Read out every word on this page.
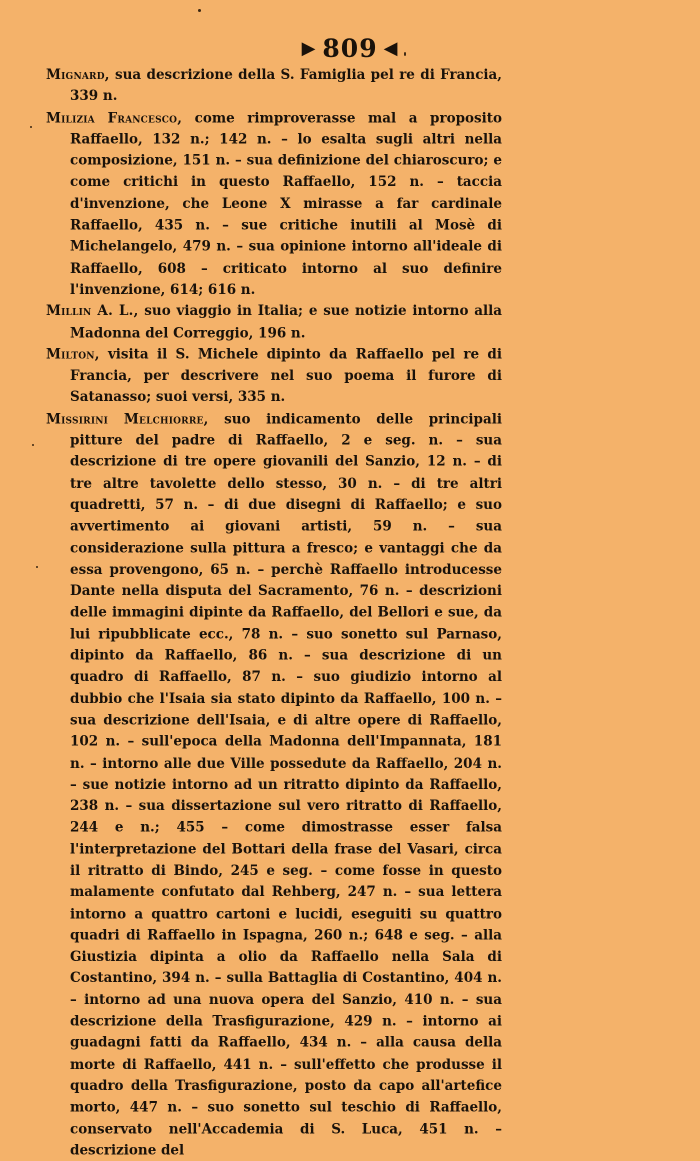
▶ 809 ◀

Mignard, sua descrizione della S. Famiglia pel re di Francia, 339 n.

Milizia Francesco, come rimproverasse mal a proposito Raffaello, 132 n.; 142 n. – lo esalta sugli altri nella composizione, 151 n. – sua definizione del chiaroscuro; e come critichi in questo Raffaello, 152 n. – taccia d'invenzione, che Leone X mirasse a far cardinale Raffaello, 435 n. – sue critiche inutili al Mosè di Michelangelo, 479 n. – sua opinione intorno all'ideale di Raffaello, 608 – criticato intorno al suo definire l'invenzione, 614; 616 n.

Millin A. L., suo viaggio in Italia; e sue notizie intorno alla Madonna del Correggio, 196 n.

Milton, visita il S. Michele dipinto da Raffaello pel re di Francia, per descrivere nel suo poema il furore di Satanasso; suoi versi, 335 n.

Missirini Melchiorre, suo indicamento delle principali pitture del padre di Raffaello, 2 e seg. n. – sua descrizione di tre opere giovanili del Sanzio, 12 n. – di tre altre tavolette dello stesso, 30 n. – di tre altri quadretti, 57 n. – di due disegni di Raffaello; e suo avvertimento ai giovani artisti, 59 n. – sua considerazione sulla pittura a fresco; e vantaggi che da essa provengono, 65 n. – perchè Raffaello introducesse Dante nella disputa del Sacramento, 76 n. – descrizioni delle immagini dipinte da Raffaello, del Bellori e sue, da lui ripubblicate ecc., 78 n. – suo sonetto sul Parnaso, dipinto da Raffaello, 86 n. – sua descrizione di un quadro di Raffaello, 87 n. – suo giudizio intorno al dubbio che l'Isaia sia stato dipinto da Raffaello, 100 n. – sua descrizione dell'Isaia, e di altre opere di Raffaello, 102 n. – sull'epoca della Madonna dell'Impannata, 181 n. – intorno alle due Ville possedute da Raffaello, 204 n. – sue notizie intorno ad un ritratto dipinto da Raffaello, 238 n. – sua dissertazione sul vero ritratto di Raffaello, 244 e n.; 455 – come dimostrasse esser falsa l'interpretazione del Bottari della frase del Vasari, circa il ritratto di Bindo, 245 e seg. – come fosse in questo malamente confutato dal Rehberg, 247 n. – sua lettera intorno a quattro cartoni e lucidi, eseguiti su quattro quadri di Raffaello in Ispagna, 260 n.; 648 e seg. – alla Giustizia dipinta a olio da Raffaello nella Sala di Costantino, 394 n. – sulla Battaglia di Costantino, 404 n. – intorno ad una nuova opera del Sanzio, 410 n. – sua descrizione della Trasfigurazione, 429 n. – intorno ai guadagni fatti da Raffaello, 434 n. – alla causa della morte di Raffaello, 441 n. – sull'effetto che produsse il quadro della Trasfigurazione, posto da capo all'artefice morto, 447 n. – suo sonetto sul teschio di Raffaello, conservato nell'Accademia di S. Luca, 451 n. – descrizione del
